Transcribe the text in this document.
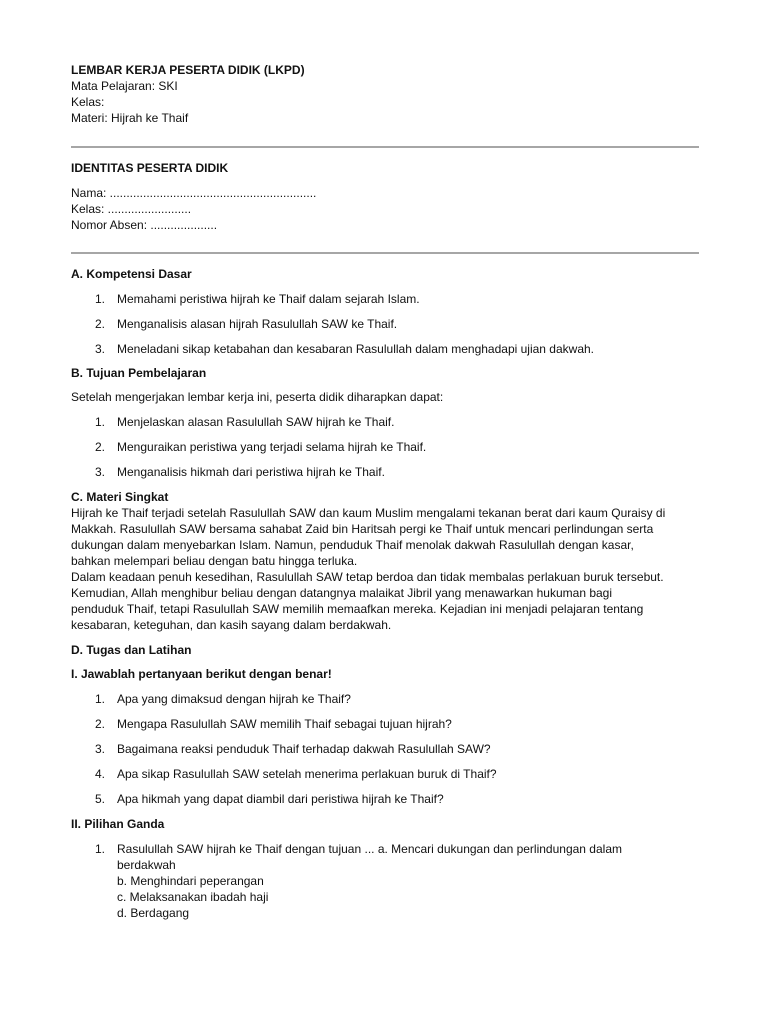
LEMBAR KERJA PESERTA DIDIK (LKPD)

Mata Pelajaran: SKI

Kelas:

Materi: Hijrah ke Thaif

IDENTITAS PESERTA DIDIK

Nama: ..............................................................

Kelas: .........................

Nomor Absen: ....................

A. Kompetensi Dasar

1. Memahami peristiwa hijrah ke Thaif dalam sejarah Islam.
2. Menganalisis alasan hijrah Rasulullah SAW ke Thaif.
3. Meneladani sikap ketabahan dan kesabaran Rasulullah dalam menghadapi ujian dakwah.

B. Tujuan Pembelajaran

Setelah mengerjakan lembar kerja ini, peserta didik diharapkan dapat:

1. Menjelaskan alasan Rasulullah SAW hijrah ke Thaif.
2. Menguraikan peristiwa yang terjadi selama hijrah ke Thaif.
3. Menganalisis hikmah dari peristiwa hijrah ke Thaif.

C. Materi Singkat

Hijrah ke Thaif terjadi setelah Rasulullah SAW dan kaum Muslim mengalami tekanan berat dari kaum Quraisy di

Makkah. Rasulullah SAW bersama sahabat Zaid bin Haritsah pergi ke Thaif untuk mencari perlindungan serta

dukungan dalam menyebarkan Islam. Namun, penduduk Thaif menolak dakwah Rasulullah dengan kasar,

bahkan melempari beliau dengan batu hingga terluka.

Dalam keadaan penuh kesedihan, Rasulullah SAW tetap berdoa dan tidak membalas perlakuan buruk tersebut.

Kemudian, Allah menghibur beliau dengan datangnya malaikat Jibril yang menawarkan hukuman bagi

penduduk Thaif, tetapi Rasulullah SAW memilih memaafkan mereka. Kejadian ini menjadi pelajaran tentang

kesabaran, keteguhan, dan kasih sayang dalam berdakwah.

D. Tugas dan Latihan

I. Jawablah pertanyaan berikut dengan benar!

1. Apa yang dimaksud dengan hijrah ke Thaif?
2. Mengapa Rasulullah SAW memilih Thaif sebagai tujuan hijrah?
3. Bagaimana reaksi penduduk Thaif terhadap dakwah Rasulullah SAW?
4. Apa sikap Rasulullah SAW setelah menerima perlakuan buruk di Thaif?
5. Apa hikmah yang dapat diambil dari peristiwa hijrah ke Thaif?

II. Pilihan Ganda

1. Rasulullah SAW hijrah ke Thaif dengan tujuan ... a. Mencari dukungan dan perlindungan dalam

berdakwah

b. Menghindari peperangan

c. Melaksanakan ibadah haji

d. Berdagang
